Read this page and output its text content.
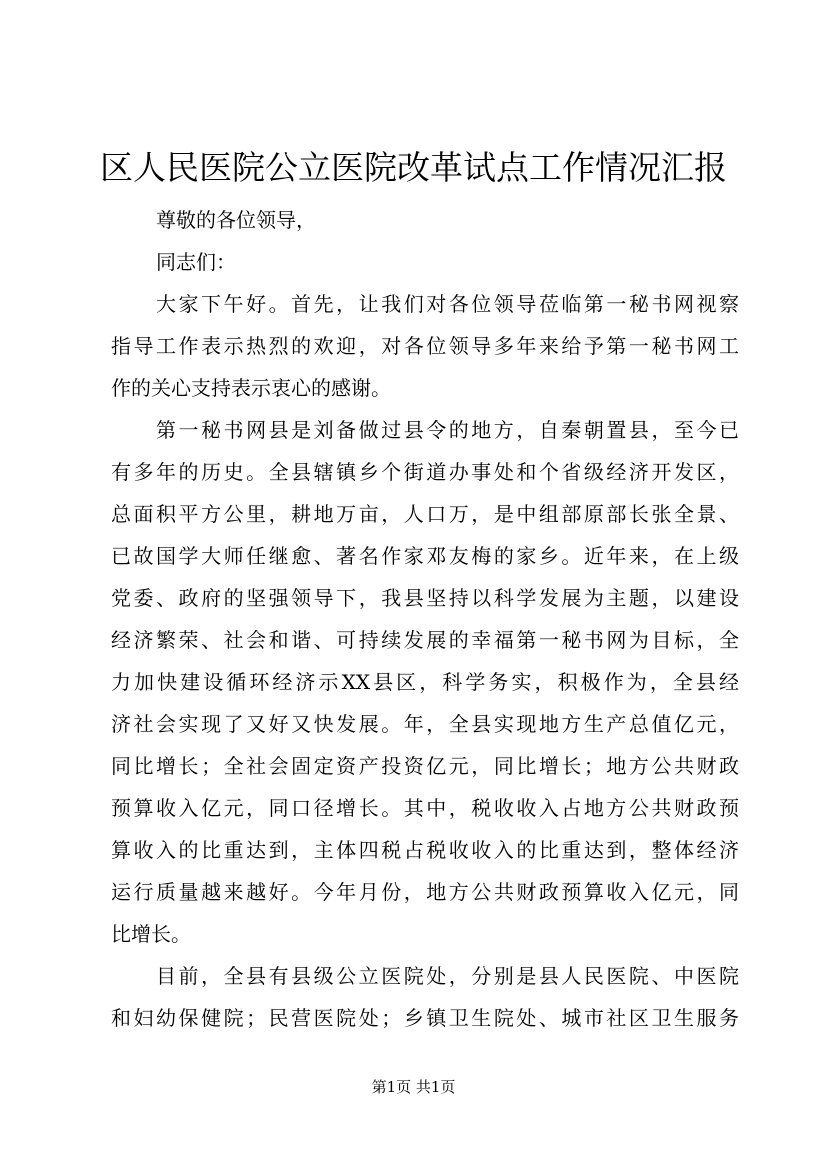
区人民医院公立医院改革试点工作情况汇报
尊敬的各位领导，
同志们：
大家下午好。首先，让我们对各位领导莅临第一秘书网视察
指导工作表示热烈的欢迎，对各位领导多年来给予第一秘书网工
作的关心支持表示衷心的感谢。
第一秘书网县是刘备做过县令的地方，自秦朝置县，至今已
有多年的历史。全县辖镇乡个街道办事处和个省级经济开发区，
总面积平方公里，耕地万亩，人口万，是中组部原部长张全景、
已故国学大师任继愈、著名作家邓友梅的家乡。近年来，在上级
党委、政府的坚强领导下，我县坚持以科学发展为主题，以建设
经济繁荣、社会和谐、可持续发展的幸福第一秘书网为目标，全
力加快建设循环经济示XX县区，科学务实，积极作为，全县经
济社会实现了又好又快发展。年，全县实现地方生产总值亿元，
同比增长；全社会固定资产投资亿元，同比增长；地方公共财政
预算收入亿元，同口径增长。其中，税收收入占地方公共财政预
算收入的比重达到，主体四税占税收收入的比重达到，整体经济
运行质量越来越好。今年月份，地方公共财政预算收入亿元，同
比增长。
目前，全县有县级公立医院处，分别是县人民医院、中医院
和妇幼保健院；民营医院处；乡镇卫生院处、城市社区卫生服务
第1页 共1页
